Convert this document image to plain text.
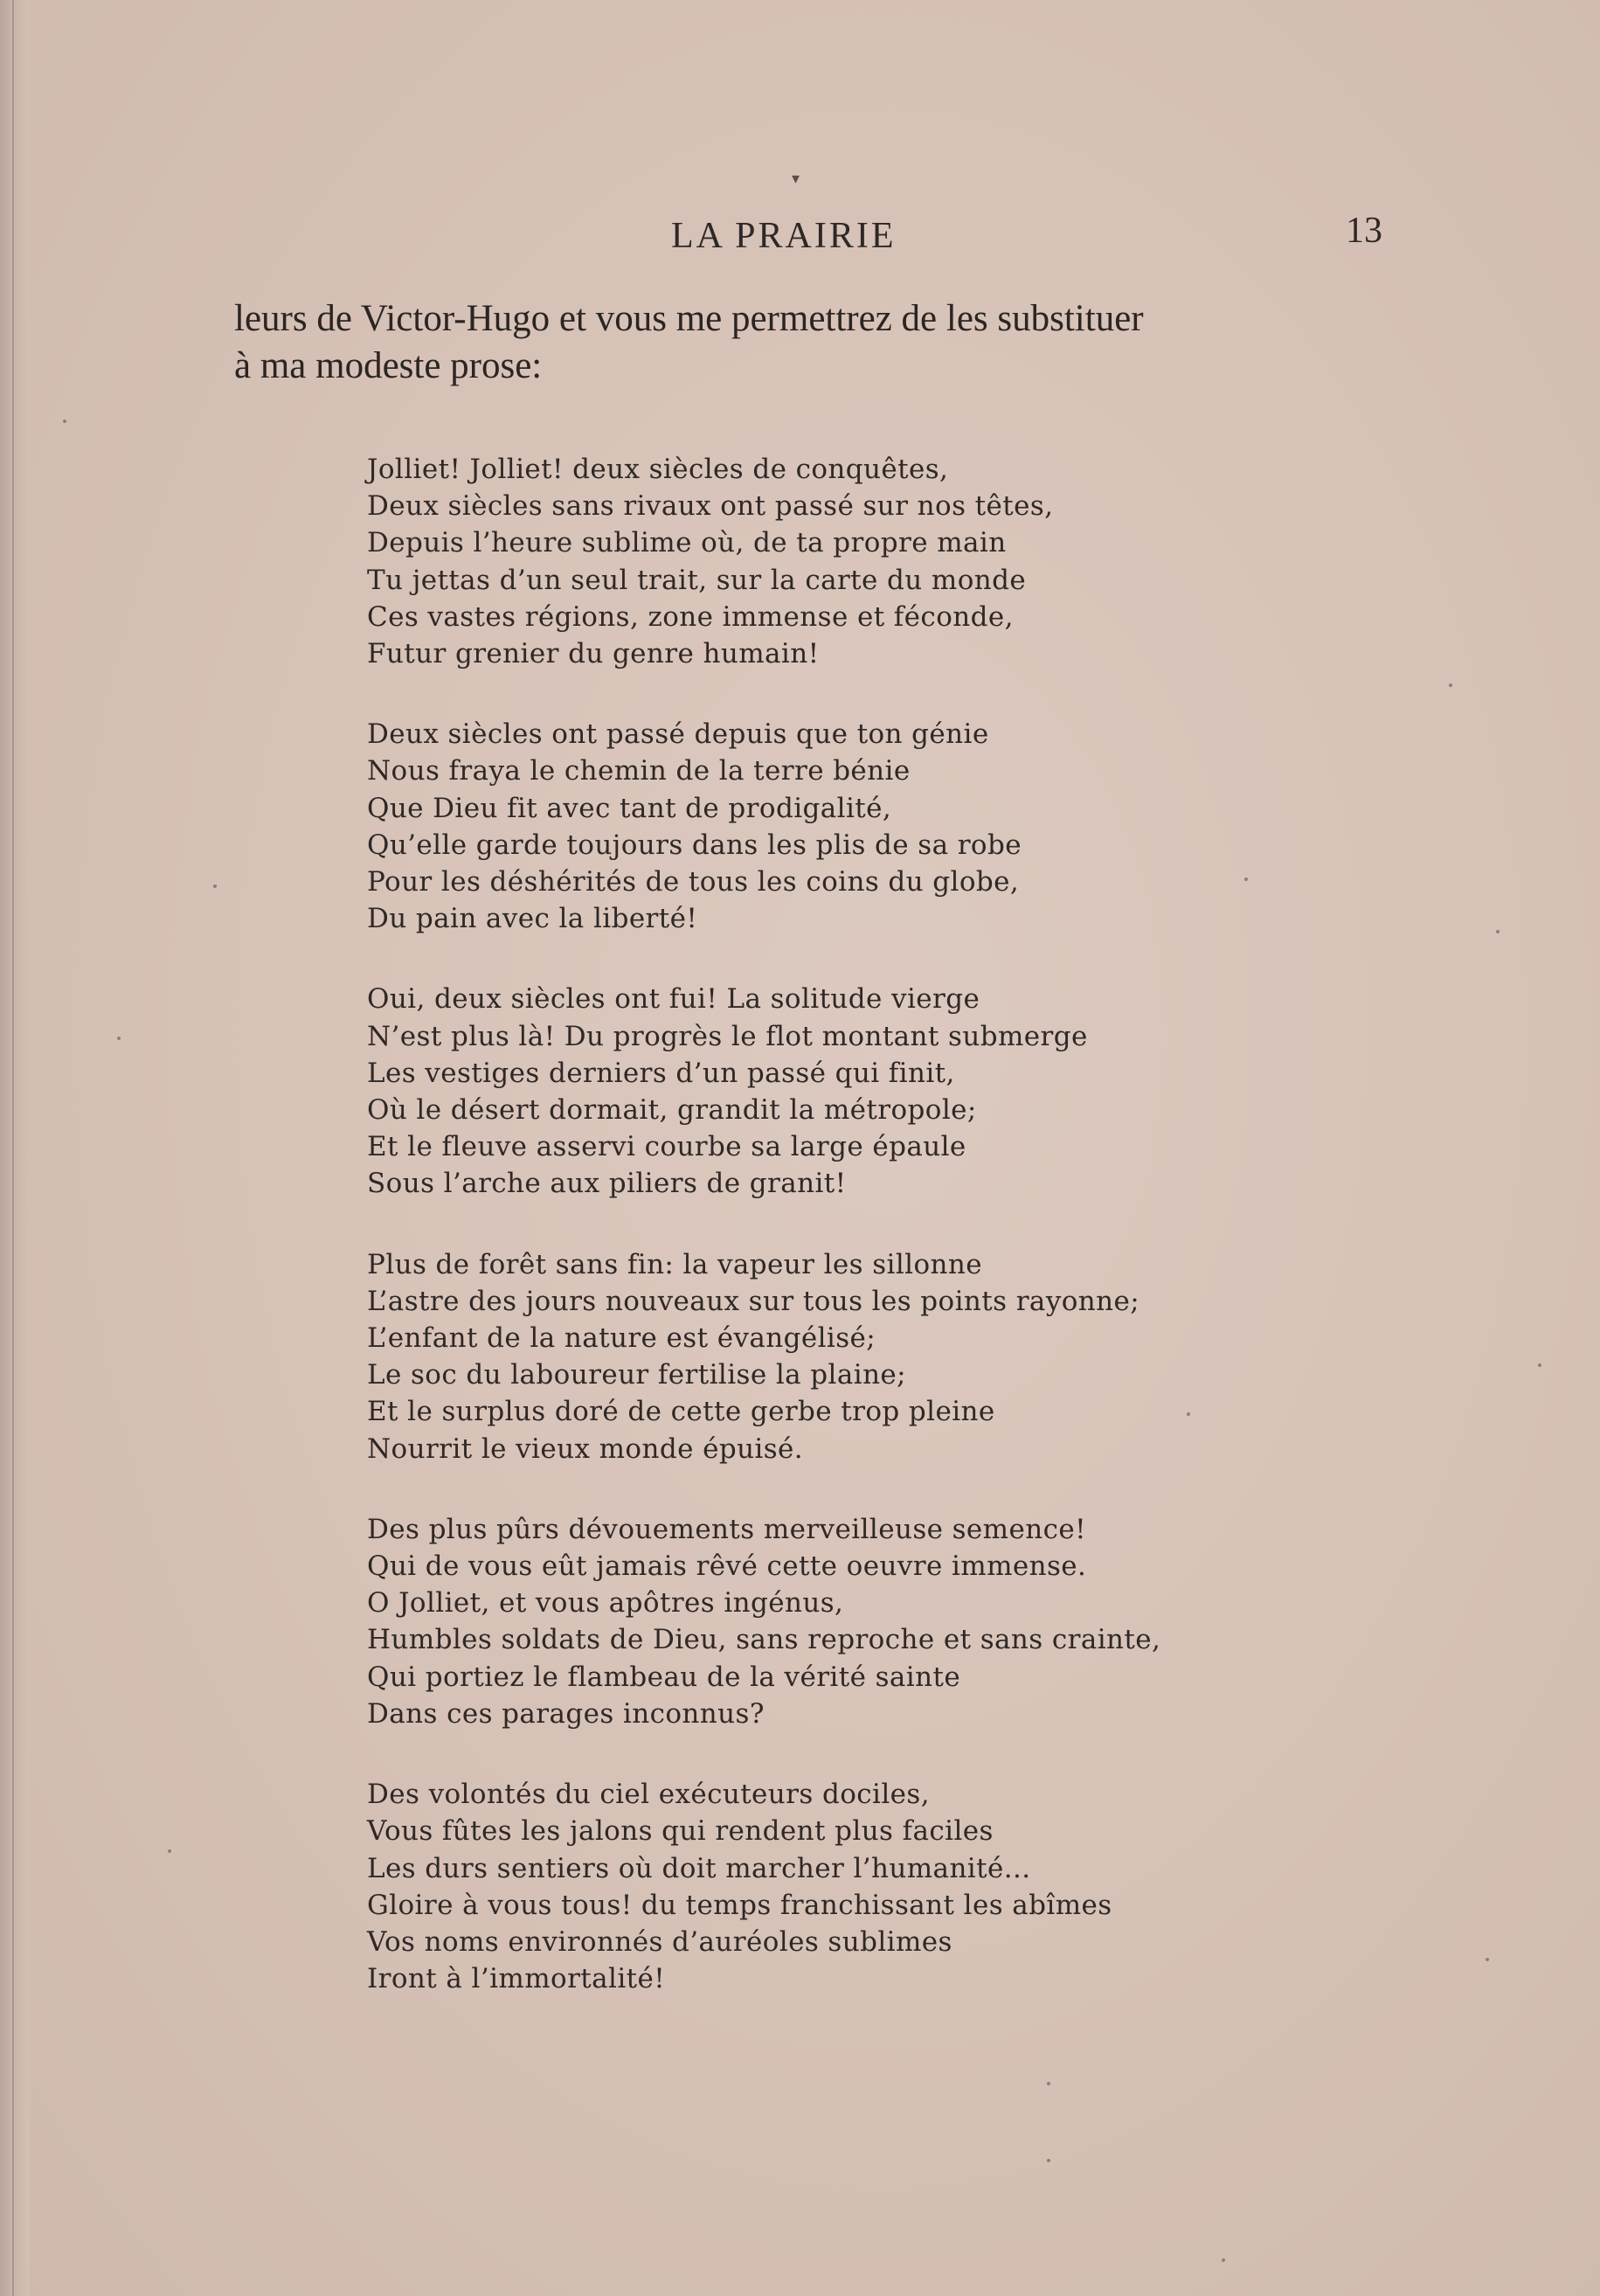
▾
LA PRAIRIE	13

leurs de Victor-Hugo et vous me permettrez de les substituer

à ma modeste prose:

Jolliet! Jolliet! deux siècles de conquêtes,
Deux siècles sans rivaux ont passé sur nos têtes,
Depuis l’heure sublime où, de ta propre main
Tu jettas d’un seul trait, sur la carte du monde
Ces vastes régions, zone immense et féconde,
Futur grenier du genre humain!
Deux siècles ont passé depuis que ton génie
Nous fraya le chemin de la terre bénie
Que Dieu fit avec tant de prodigalité,
Qu’elle garde toujours dans les plis de sa robe
Pour les déshérités de tous les coins du globe,
Du pain avec la liberté!
Oui, deux siècles ont fui! La solitude vierge
N’est plus là! Du progrès le flot montant submerge
Les vestiges derniers d’un passé qui finit,
Où le désert dormait, grandit la métropole;
Et le fleuve asservi courbe sa large épaule
Sous l’arche aux piliers de granit!
Plus de forêt sans fin: la vapeur les sillonne
L’astre des jours nouveaux sur tous les points rayonne;
L’enfant de la nature est évangélisé;
Le soc du laboureur fertilise la plaine;
Et le surplus doré de cette gerbe trop pleine
Nourrit le vieux monde épuisé.
Des plus pûrs dévouements merveilleuse semence!
Qui de vous eût jamais rêvé cette oeuvre immense.
O Jolliet, et vous apôtres ingénus,
Humbles soldats de Dieu, sans reproche et sans crainte,
Qui portiez le flambeau de la vérité sainte
Dans ces parages inconnus?
Des volontés du ciel exécuteurs dociles,
Vous fûtes les jalons qui rendent plus faciles
Les durs sentiers où doit marcher l’humanité...
Gloire à vous tous! du temps franchissant les abîmes
Vos noms environnés d’auréoles sublimes
Iront à l’immortalité!
